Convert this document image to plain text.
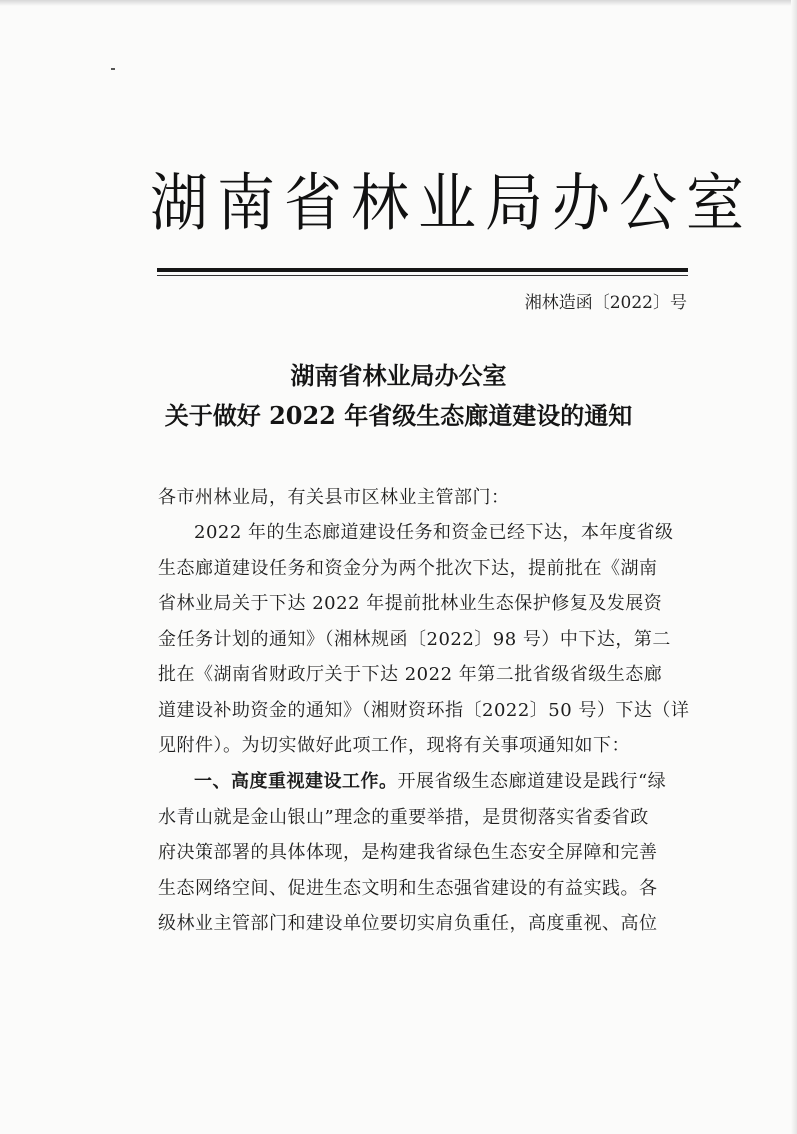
湖南省林业局办公室
湘林造函〔2022〕号
湖南省林业局办公室
关于做好 2022 年省级生态廊道建设的通知
各市州林业局，有关县市区林业主管部门：
2022 年的生态廊道建设任务和资金已经下达，本年度省级
生态廊道建设任务和资金分为两个批次下达，提前批在《湖南
省林业局关于下达 2022 年提前批林业生态保护修复及发展资
金任务计划的通知》（湘林规函〔2022〕98 号）中下达，第二
批在《湖南省财政厅关于下达 2022 年第二批省级省级生态廊
道建设补助资金的通知》（湘财资环指〔2022〕50 号）下达（详
见附件）。为切实做好此项工作，现将有关事项通知如下：
一、高度重视建设工作。开展省级生态廊道建设是践行“绿
水青山就是金山银山”理念的重要举措，是贯彻落实省委省政
府决策部署的具体体现，是构建我省绿色生态安全屏障和完善
生态网络空间、促进生态文明和生态强省建设的有益实践。各
级林业主管部门和建设单位要切实肩负重任，高度重视、高位
